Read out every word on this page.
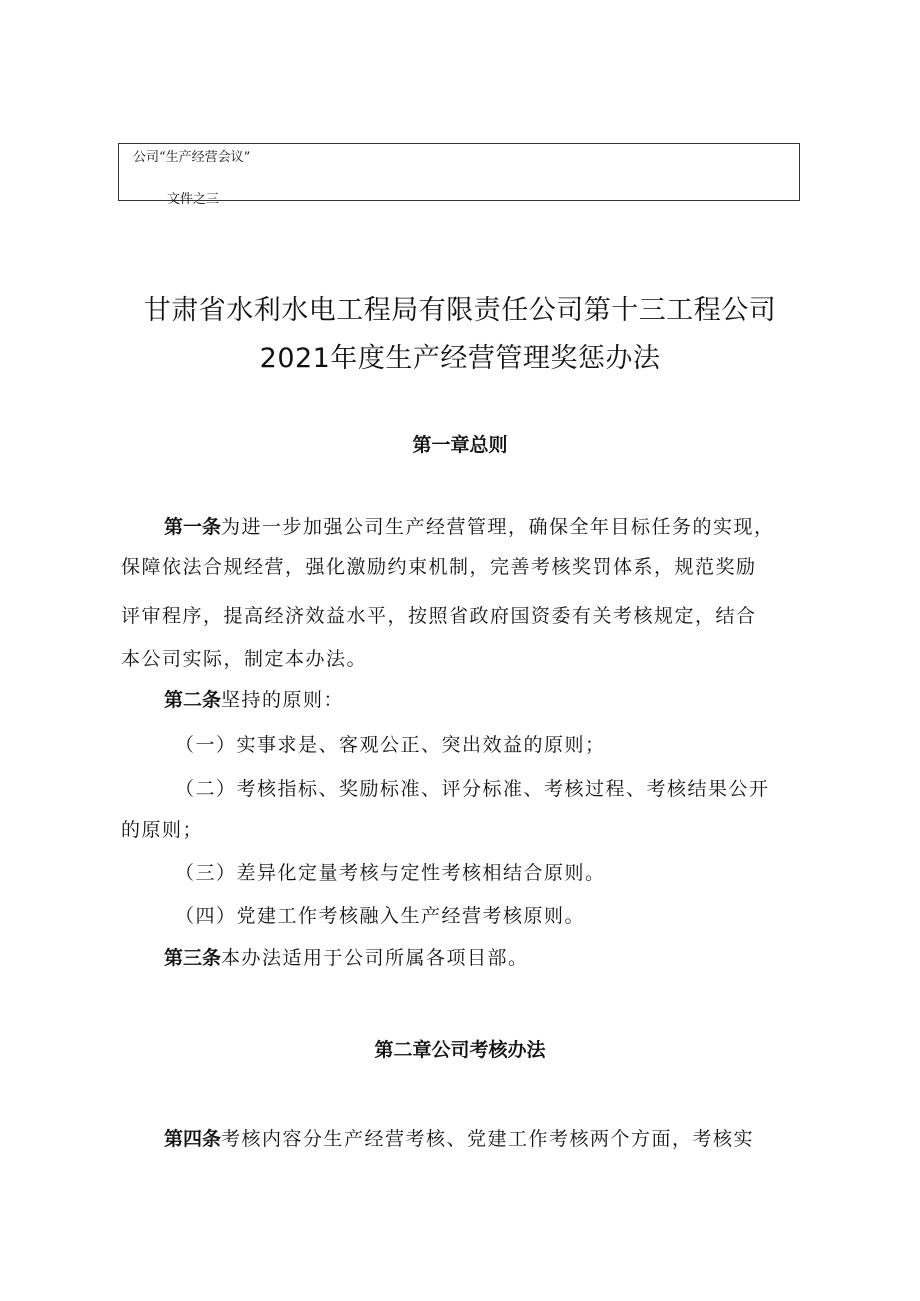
公司“生产经营会议”
文件之三
甘肃省水利水电工程局有限责任公司第十三工程公司
2021年度生产经营管理奖惩办法
第一章总则
第一条为进一步加强公司生产经营管理，确保全年目标任务的实现，
保障依法合规经营，强化激励约束机制，完善考核奖罚体系，规范奖励
评审程序，提高经济效益水平，按照省政府国资委有关考核规定，结合
本公司实际，制定本办法。
第二条坚持的原则：
（一）实事求是、客观公正、突出效益的原则；
（二）考核指标、奖励标准、评分标准、考核过程、考核结果公开
的原则；
（三）差异化定量考核与定性考核相结合原则。
（四）党建工作考核融入生产经营考核原则。
第三条本办法适用于公司所属各项目部。
第二章公司考核办法
第四条考核内容分生产经营考核、党建工作考核两个方面，考核实
